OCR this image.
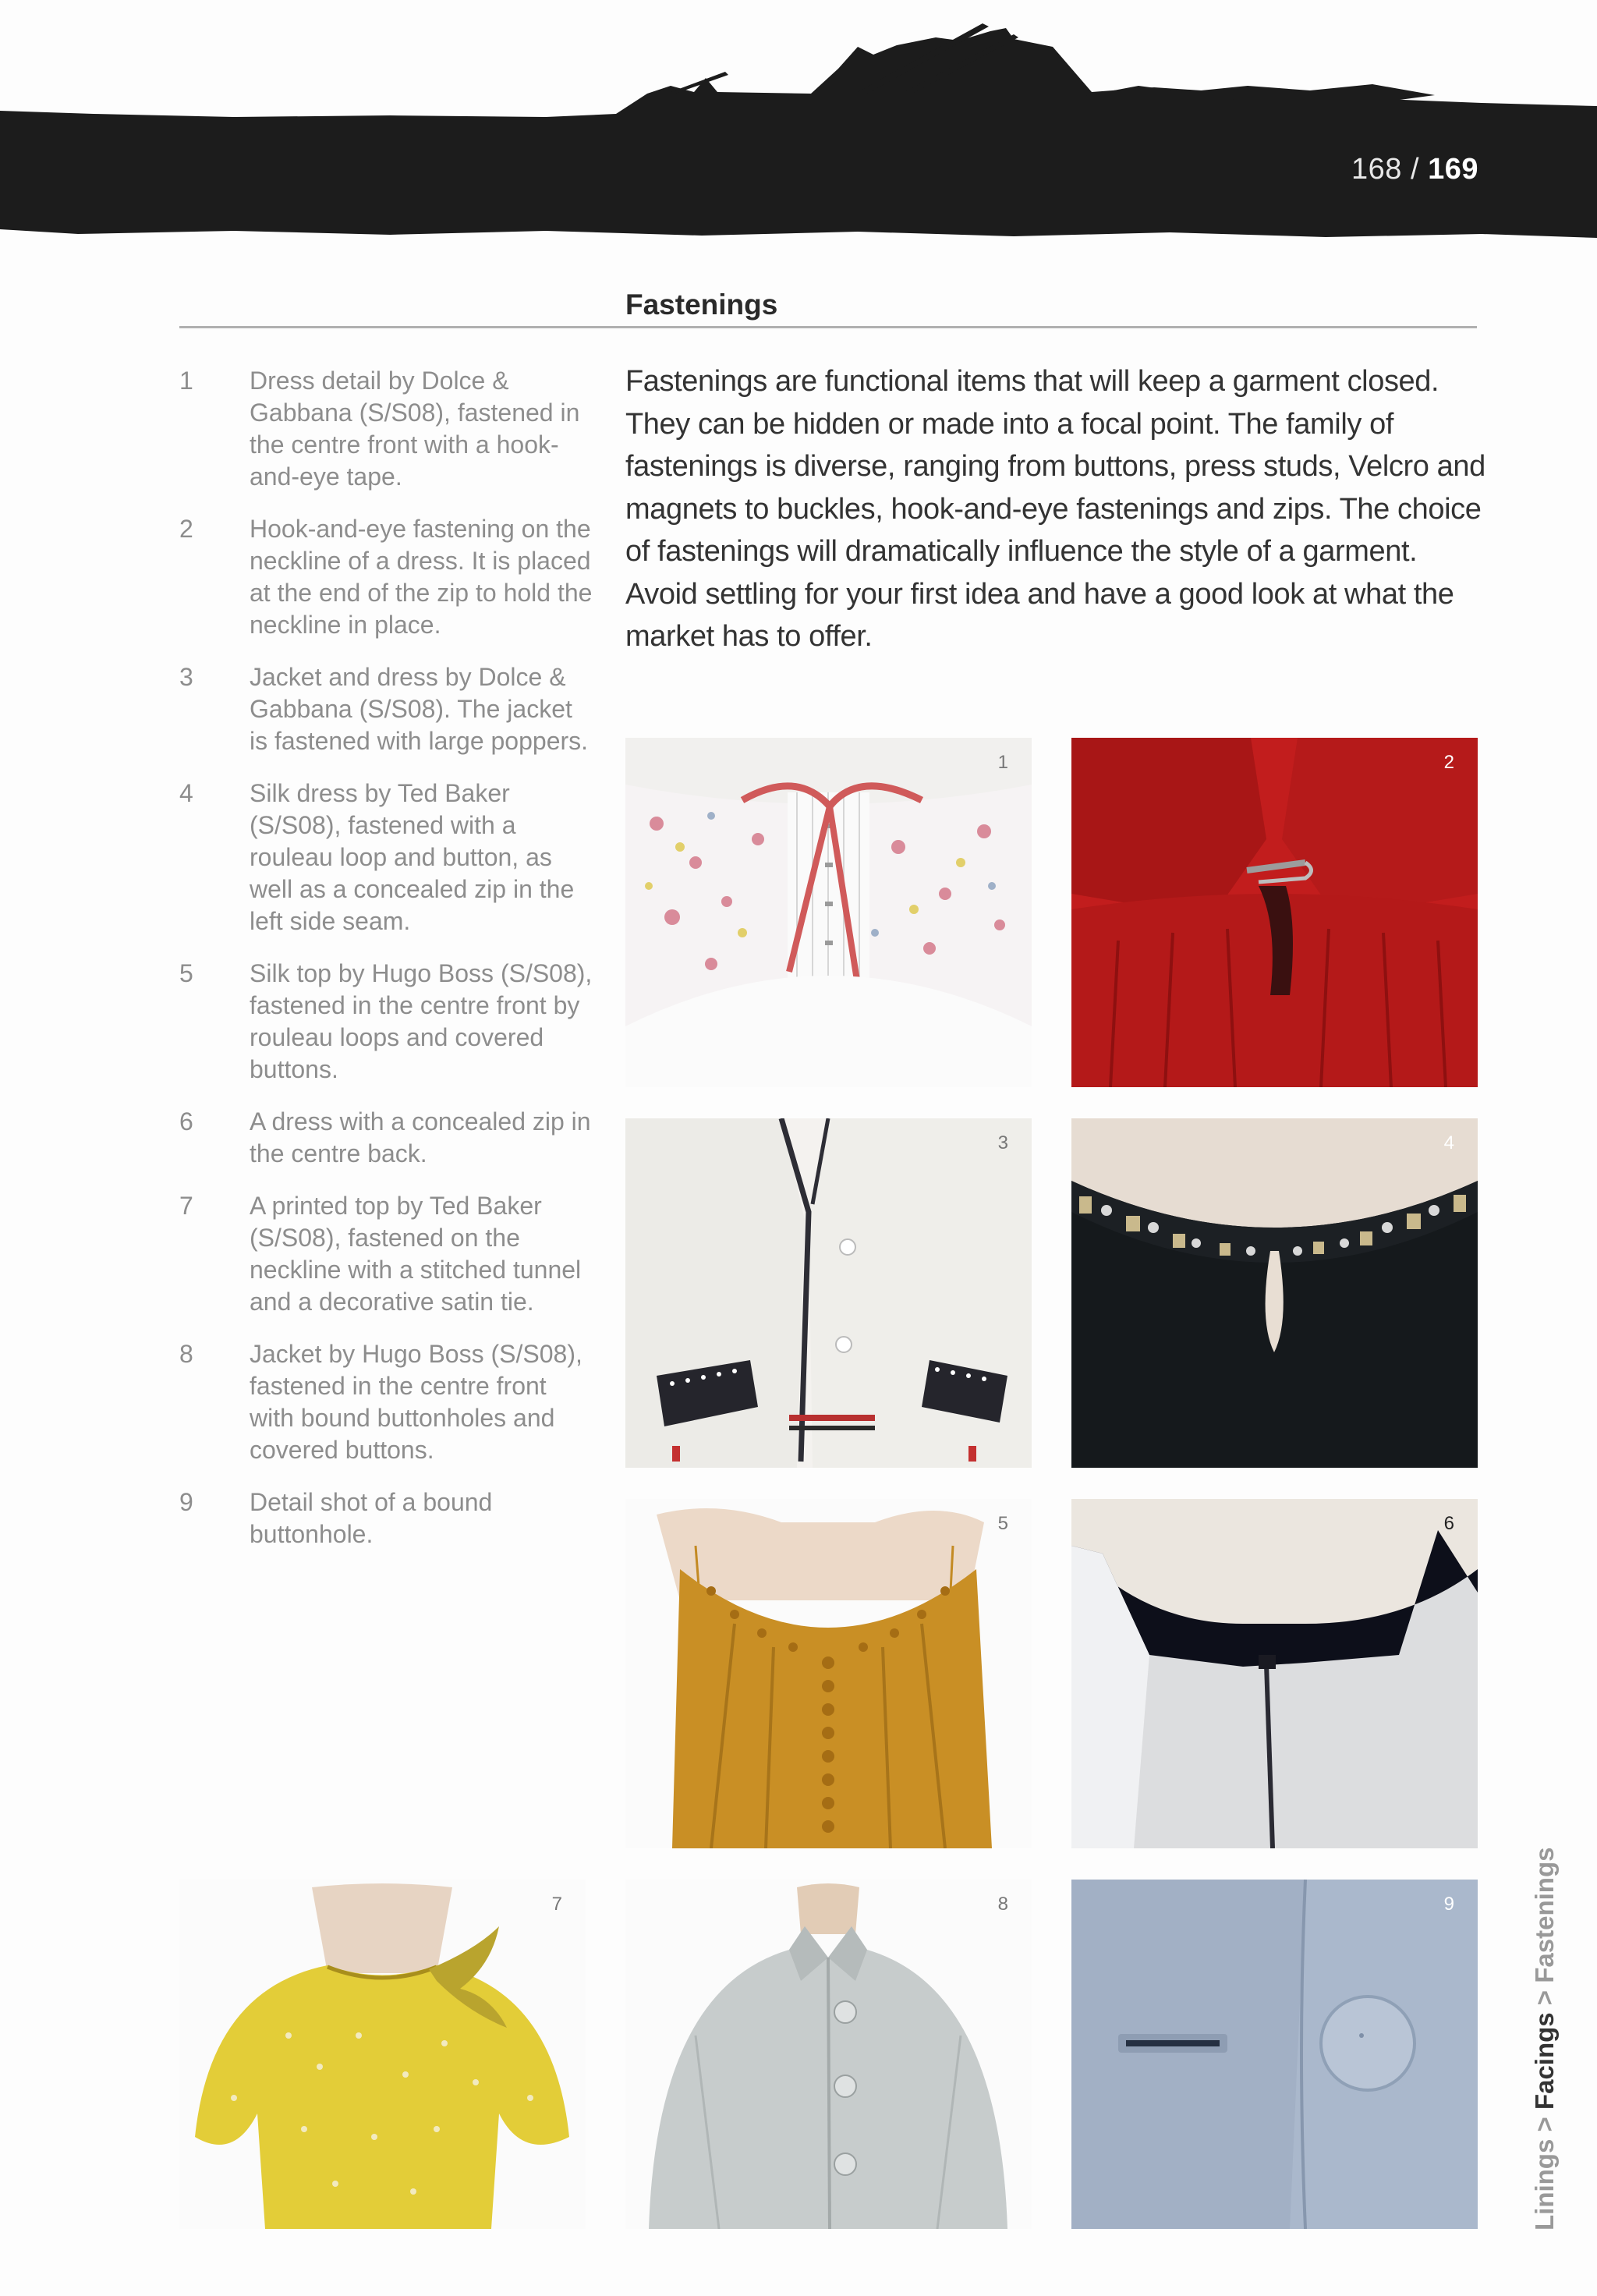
168 / 169
Fastenings
1	Dress detail by Dolce & Gabbana (S/S08), fastened in the centre front with a hook-and-eye tape.
2	Hook-and-eye fastening on the neckline of a dress. It is placed at the end of the zip to hold the neckline in place.
3	Jacket and dress by Dolce & Gabbana (S/S08). The jacket is fastened with large poppers.
4	Silk dress by Ted Baker (S/S08), fastened with a rouleau loop and button, as well as a concealed zip in the left side seam.
5	Silk top by Hugo Boss (S/S08), fastened in the centre front by rouleau loops and covered buttons.
6	A dress with a concealed zip in the centre back.
7	A printed top by Ted Baker (S/S08), fastened on the neckline with a stitched tunnel and a decorative satin tie.
8	Jacket by Hugo Boss (S/S08), fastened in the centre front with bound buttonholes and covered buttons.
9	Detail shot of a bound buttonhole.
Fastenings are functional items that will keep a garment closed. They can be hidden or made into a focal point. The family of fastenings is diverse, ranging from buttons, press studs, Velcro and magnets to buckles, hook-and-eye fastenings and zips. The choice of fastenings will dramatically influence the style of a garment. Avoid settling for your first idea and have a good look at what the market has to offer.
1	2
3	4
5	6
7	8	9
Linings > Facings > Fastenings
